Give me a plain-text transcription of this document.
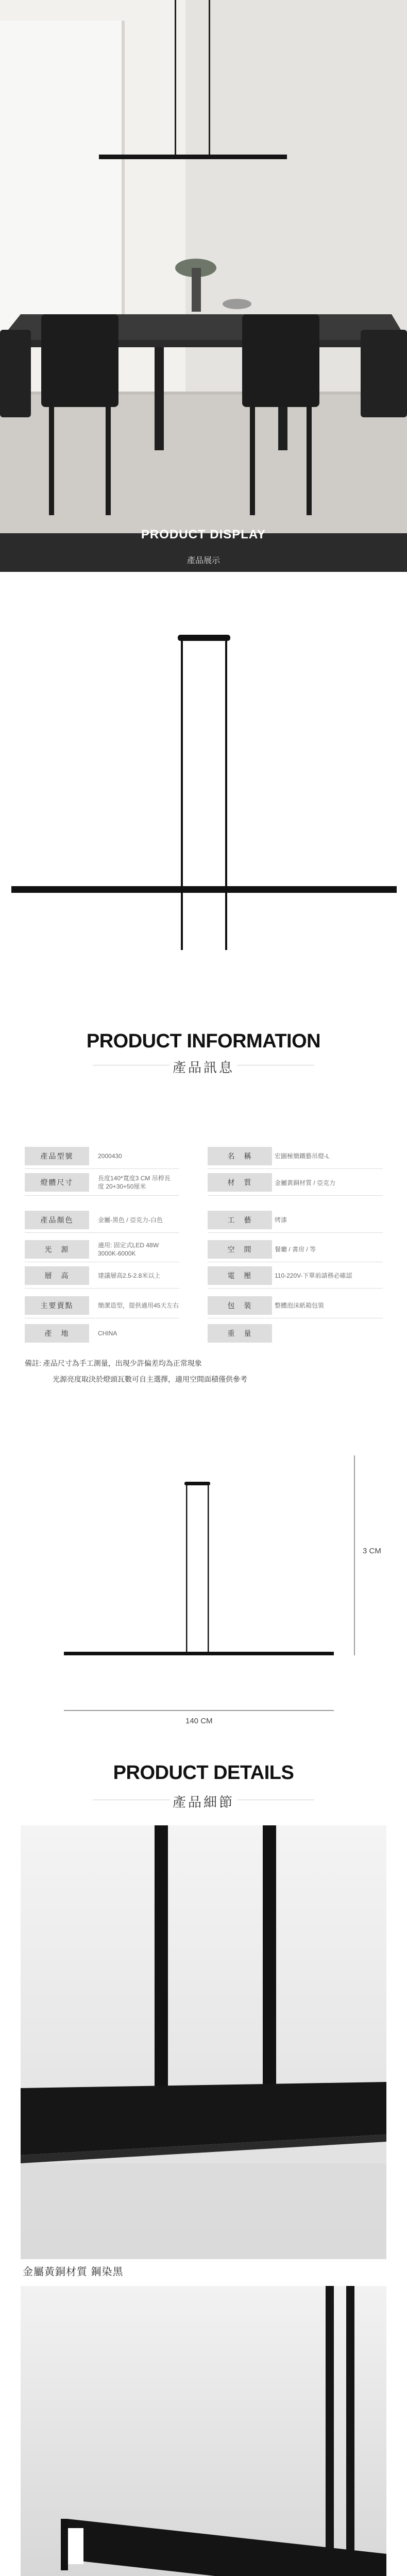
PRODUCT DISPLAY
產品展示
PRODUCT INFORMATION
產品訊息
產品型號	2000430	名　稱	宏圖極簡鐵藝吊燈-L
燈體尺寸	長度140*寬度3 CM 吊桿長度 20+30+50厘米	材　質	金屬黃銅材質 / 亞克力
產品顏色	金屬-黑色 / 亞克力-白色	工　藝	烤漆
光　源	適用: 固定式LED 48W 3000K-6000K	空　間	餐廳 / 書房 / 等
層　高	建議層高2.5-2.8米以上	電　壓	110-220V-下單前請務必確認
主要賣點	簡潔造型，提供適用45天左右	包　裝	整體泡沫紙箱包裝
產　地	CHINA	重　量
備註: 產品尺寸為手工測量，出現少許偏差均為正常現象
光源亮度取決於燈頭瓦數可自主選擇，適用空間面積僅供參考
3 CM
140 CM
PRODUCT DETAILS
產品細節
金屬黃銅材質 鋼染黑
